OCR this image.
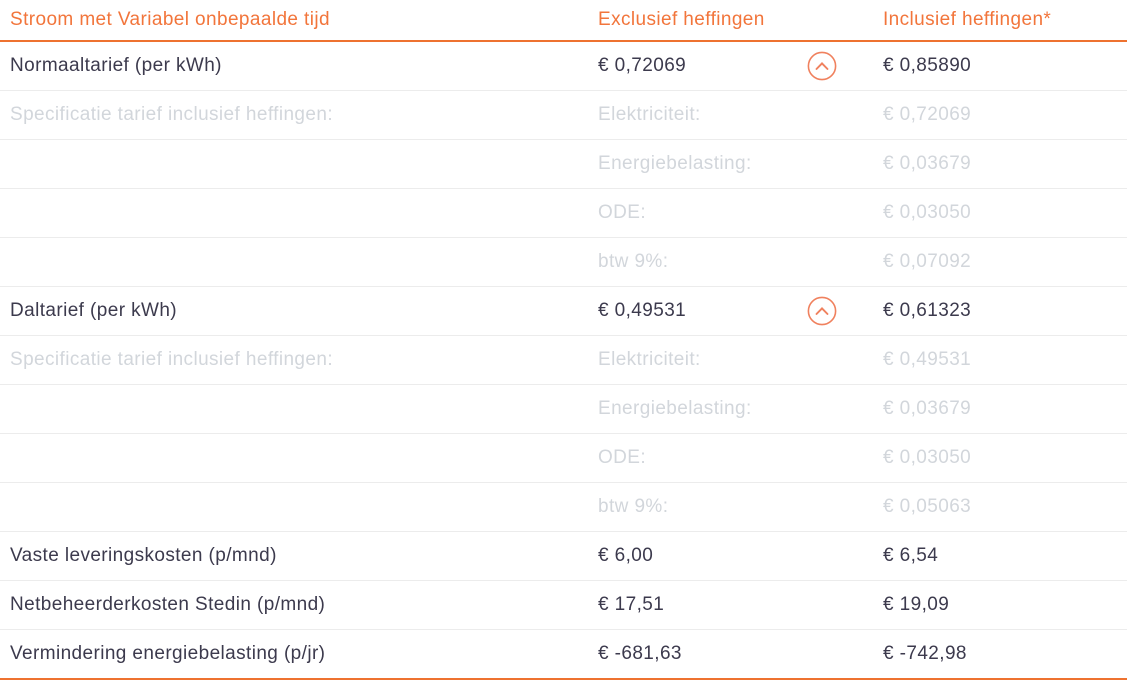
Stroom met Variabel onbepaalde tijd	Exclusief heffingen	Inclusief heffingen*
Normaaltarief (per kWh)	€ 0,72069	€ 0,85890
Specificatie tarief inclusief heffingen:	Elektriciteit:	€ 0,72069
	Energiebelasting:	€ 0,03679
	ODE:	€ 0,03050
	btw 9%:	€ 0,07092
Daltarief (per kWh)	€ 0,49531	€ 0,61323
Specificatie tarief inclusief heffingen:	Elektriciteit:	€ 0,49531
	Energiebelasting:	€ 0,03679
	ODE:	€ 0,03050
	btw 9%:	€ 0,05063
Vaste leveringskosten (p/mnd)	€ 6,00	€ 6,54
Netbeheerderkosten Stedin (p/mnd)	€ 17,51	€ 19,09
Vermindering energiebelasting (p/jr)	€ -681,63	€ -742,98
